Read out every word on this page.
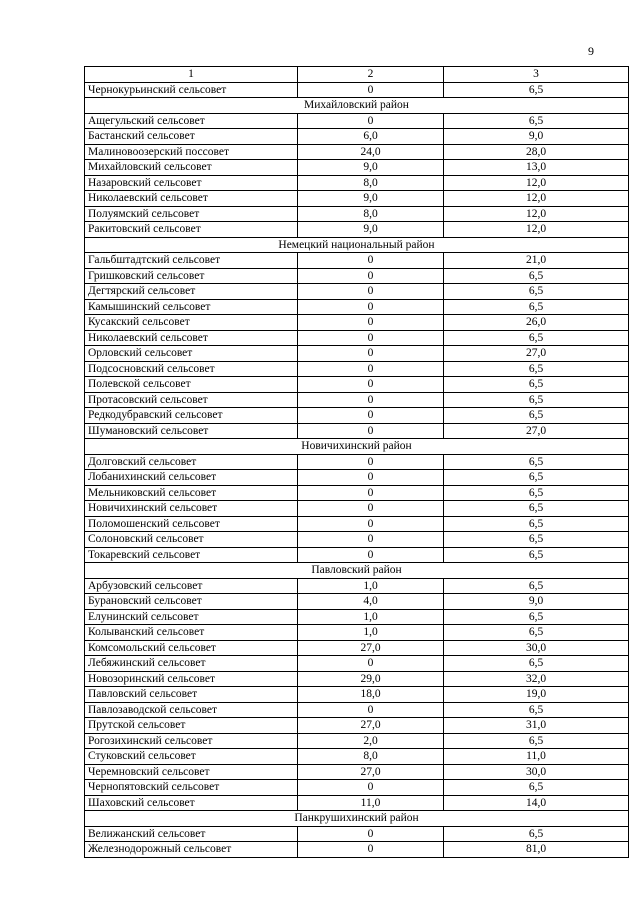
9
1	2	3
Чернокурьинский сельсовет	0	6,5
Михайловский район		
Ащегульский сельсовет	0	6,5
Бастанский сельсовет	6,0	9,0
Малиновоозерский поссовет	24,0	28,0
Михайловский сельсовет	9,0	13,0
Назаровский сельсовет	8,0	12,0
Николаевский сельсовет	9,0	12,0
Полуямский сельсовет	8,0	12,0
Ракитовский сельсовет	9,0	12,0
Немецкий национальный район		
Гальбштадтский сельсовет	0	21,0
Гришковский сельсовет	0	6,5
Дегтярский сельсовет	0	6,5
Камышинский сельсовет	0	6,5
Кусакский сельсовет	0	26,0
Николаевский сельсовет	0	6,5
Орловский сельсовет	0	27,0
Подсосновский сельсовет	0	6,5
Полевской сельсовет	0	6,5
Протасовский сельсовет	0	6,5
Редкодубравский сельсовет	0	6,5
Шумановский сельсовет	0	27,0
Новичихинский район		
Долговский сельсовет	0	6,5
Лобанихинский сельсовет	0	6,5
Мельниковский сельсовет	0	6,5
Новичихинский сельсовет	0	6,5
Поломошенский сельсовет	0	6,5
Солоновский сельсовет	0	6,5
Токаревский сельсовет	0	6,5
Павловский район		
Арбузовский сельсовет	1,0	6,5
Бурановский сельсовет	4,0	9,0
Елунинский сельсовет	1,0	6,5
Колыванский сельсовет	1,0	6,5
Комсомольский сельсовет	27,0	30,0
Лебяжинский сельсовет	0	6,5
Новозоринский сельсовет	29,0	32,0
Павловский сельсовет	18,0	19,0
Павлозаводской сельсовет	0	6,5
Прутской сельсовет	27,0	31,0
Рогозихинский сельсовет	2,0	6,5
Стуковский сельсовет	8,0	11,0
Черемновский сельсовет	27,0	30,0
Чернопятовский сельсовет	0	6,5
Шаховский сельсовет	11,0	14,0
Панкрушихинский район		
Велижанский сельсовет	0	6,5
Железнодорожный сельсовет	0	81,0
